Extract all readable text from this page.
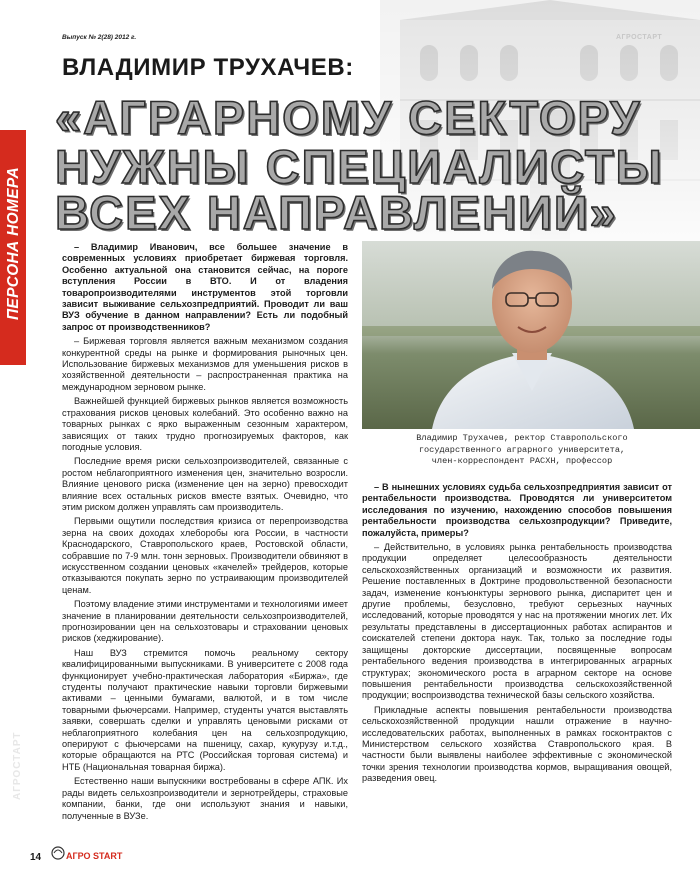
Выпуск № 2(28) 2012 г.	АГРОСТАРТ
ПЕРСОНА НОМЕРА
АГРОСТАРТ
ВЛАДИМИР ТРУХАЧЕВ:
«АГРАРНОМУ СЕКТОРУ
НУЖНЫ СПЕЦИАЛИСТЫ
ВСЕХ НАПРАВЛЕНИЙ»
Владимир Трухачев, ректор Ставропольского
государственного аграрного университета,
член-корреспондент РАСХН, профессор

– Владимир Иванович, все большее значение в современных условиях приобретает биржевая торговля. Особенно актуальной она становится сейчас, на пороге вступления России в ВТО. И от владения товаропроизводителями инструментов этой торговли зависит выживание сельхозпредприятий. Проводит ли ваш ВУЗ обучение в данном направлении? Есть ли подобный запрос от производственников?

– Биржевая торговля является важным механизмом создания конкурентной среды на рынке и формирования рыночных цен. Использование биржевых механизмов для уменьшения рисков в хозяйственной деятельности – распространенная практика на международном зерновом рынке.

Важнейшей функцией биржевых рынков является возможность страхования рисков ценовых колебаний. Это особенно важно на товарных рынках с ярко выраженным сезонным характером, зависящих от таких трудно прогнозируемых факторов, как погодные условия.

Последние время риски сельхозпроизводителей, связанные с ростом неблагоприятного изменения цен, значительно возросли. Влияние ценового риска (изменение цен на зерно) превосходит влияние всех остальных рисков вместе взятых. Очевидно, что этим риском должен управлять сам производитель.

Первыми ощутили последствия кризиса от перепроизводства зерна на своих доходах хлеборобы юга России, в частности Краснодарского, Ставропольского краев, Ростовской области, собравшие по 7-9 млн. тонн зерновых. Производители обвиняют в искусственном создании ценовых «качелей» трейдеров, которые отказываются покупать зерно по устраивающим производителей ценам.

Поэтому владение этими инструментами и технологиями имеет значение в планировании деятельности сельхозпроизводителей, прогнозировании цен на сельхозтовары и страховании ценовых рисков (хеджирование).

Наш ВУЗ стремится помочь реальному сектору квалифицированными выпускниками. В университете с 2008 года функционирует учебно-практическая лаборатория «Биржа», где студенты получают практические навыки торговли биржевыми активами – ценными бумагами, валютой, и в том числе товарными фьючерсами. Например, студенты учатся выставлять заявки, совершать сделки и управлять ценовыми рисками от неблагоприятного колебания цен на сельхозпродукцию, оперируют с фьючерсами на пшеницу, сахар, кукурузу и.т.д., которые обращаются на РТС (Российская торговая система) и НТБ (Национальная товарная биржа).

Естественно наши выпускники востребованы в сфере АПК. Их рады видеть сельхозпроизводители и зернотрейдеры, страховые компании, банки, где они используют знания и навыки, полученные в ВУЗе.

– В нынешних условиях судьба сельхозпредприятия зависит от рентабельности производства. Проводятся ли университетом исследования по изучению, нахождению способов повышения рентабельности производства сельхозпродукции? Приведите, пожалуйста, примеры?

– Действительно, в условиях рынка рентабельность производства продукции определяет целесообразность деятельности сельскохозяйственных организаций и возможности их развития. Решение поставленных в Доктрине продовольственной безопасности задач, изменение конъюнктуры зернового рынка, диспаритет цен и другие проблемы, безусловно, требуют серьезных научных исследований, которые проводятся у нас на протяжении многих лет. Их результаты представлены в диссертационных работах аспирантов и соискателей степени доктора наук. Так, только за последние годы защищены докторские диссертации, посвященные вопросам рентабельного ведения производства в интегрированных аграрных структурах; экономического роста в аграрном секторе на основе повышения рентабельности производства сельскохозяйственной продукции; воспроизводства технической базы сельского хозяйства.

Прикладные аспекты повышения рентабельности производства сельскохозяйственной продукции нашли отражение в научно-исследовательских работах, выполненных в рамках госконтрактов с Министерством сельского хозяйства Ставропольского края. В частности были выявлены наиболее эффективные с экономической точки зрения технологии производства кормов, выращивания овощей, разведения овец.

14	АГРО START
